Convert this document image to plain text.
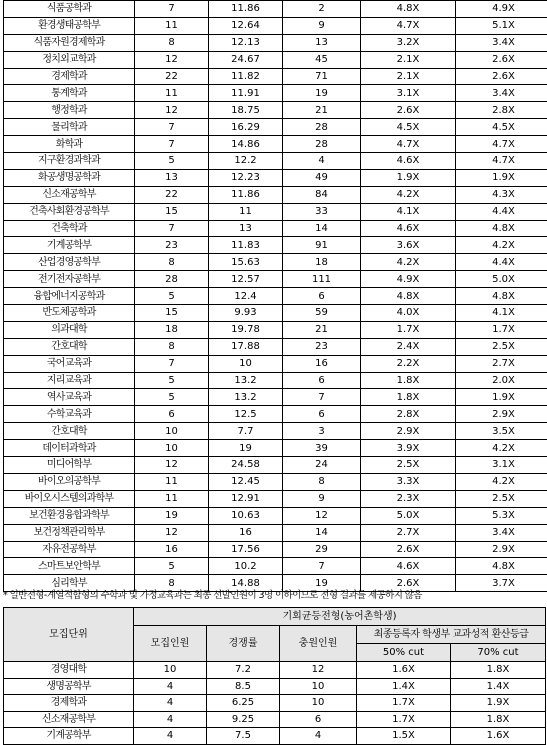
식품공학과	7	11.86	2	4.8X	4.9X
환경생태공학부	11	12.64	9	4.7X	5.1X
식품자원경제학과	8	12.13	13	3.2X	3.4X
정치외교학과	12	24.67	45	2.1X	2.6X
경제학과	22	11.82	71	2.1X	2.6X
통계학과	11	11.91	19	3.1X	3.4X
행정학과	12	18.75	21	2.6X	2.8X
물리학과	7	16.29	28	4.5X	4.5X
화학과	7	14.86	28	4.7X	4.7X
지구환경과학과	5	12.2	4	4.6X	4.7X
화공생명공학과	13	12.23	49	1.9X	1.9X
신소재공학부	22	11.86	84	4.2X	4.3X
건축사회환경공학부	15	11	33	4.1X	4.4X
건축학과	7	13	14	4.6X	4.8X
기계공학부	23	11.83	91	3.6X	4.2X
산업경영공학부	8	15.63	18	4.2X	4.4X
전기전자공학부	28	12.57	111	4.9X	5.0X
융합에너지공학과	5	12.4	6	4.8X	4.8X
반도체공학과	15	9.93	59	4.0X	4.1X
의과대학	18	19.78	21	1.7X	1.7X
간호대학	8	17.88	23	2.4X	2.5X
국어교육과	7	10	16	2.2X	2.7X
지리교육과	5	13.2	6	1.8X	2.0X
역사교육과	5	13.2	7	1.8X	1.9X
수학교육과	6	12.5	6	2.8X	2.9X
간호대학	10	7.7	3	2.9X	3.5X
데이터과학과	10	19	39	3.9X	4.2X
미디어학부	12	24.58	24	2.5X	3.1X
바이오의공학부	11	12.45	8	3.3X	4.2X
바이오시스템의과학부	11	12.91	9	2.3X	2.5X
보건환경융합과학부	19	10.63	12	5.0X	5.3X
보건정책관리학부	12	16	14	2.7X	3.4X
자유전공학부	16	17.56	29	2.6X	2.9X
스마트보안학부	5	10.2	7	4.6X	4.8X
심리학부	8	14.88	19	2.6X	3.7X
* 일반전형-계열적합형의 수학과 및 가정교육과는 최종 선발인원이 3명 이하이므로 전형 결과를 제공하지 않음
모집단위	기회균등전형(농어촌학생)				
	모집인원	경쟁률	충원인원	최종등록자 학생부 교과성적 환산등급	
				50% cut	70% cut
경영대학	10	7.2	12	1.6X	1.8X
생명공학부	4	8.5	10	1.4X	1.4X
경제학과	4	6.25	10	1.7X	1.9X
신소재공학부	4	9.25	6	1.7X	1.8X
기계공학부	4	7.5	4	1.5X	1.6X
